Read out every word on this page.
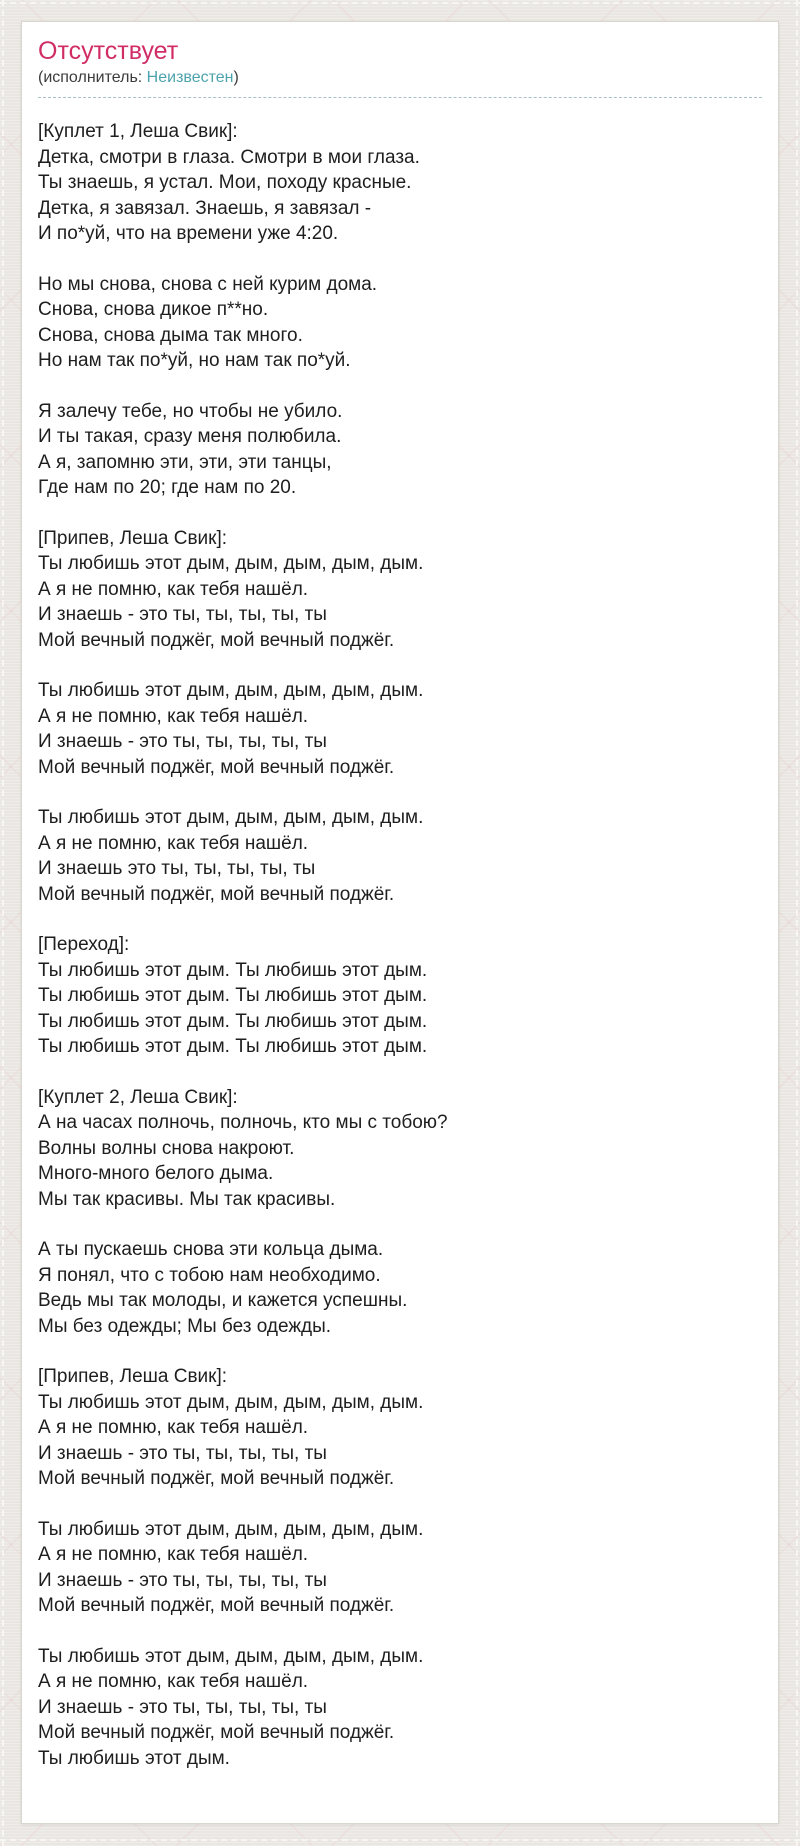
Отсутствует
(исполнитель: Неизвестен)
[Куплет 1, Леша Свик]:
Детка, смотри в глаза. Смотри в мои глаза.
Ты знаешь, я устал. Мои, походу красные.
Детка, я завязал. Знаешь, я завязал -
И по*уй, что на времени уже 4:20.
Но мы снова, снова с ней курим дома.
Снова, снова дикое п**но.
Снова, снова дыма так много.
Но нам так по*уй, но нам так по*уй.
Я залечу тебе, но чтобы не убило.
И ты такая, сразу меня полюбила.
А я, запомню эти, эти, эти танцы,
Где нам по 20; где нам по 20.
[Припев, Леша Свик]:
Ты любишь этот дым, дым, дым, дым, дым.
А я не помню, как тебя нашёл.
И знаешь - это ты, ты, ты, ты, ты
Мой вечный поджёг, мой вечный поджёг.
Ты любишь этот дым, дым, дым, дым, дым.
А я не помню, как тебя нашёл.
И знаешь - это ты, ты, ты, ты, ты
Мой вечный поджёг, мой вечный поджёг.
Ты любишь этот дым, дым, дым, дым, дым.
А я не помню, как тебя нашёл.
И знаешь это ты, ты, ты, ты, ты
Мой вечный поджёг, мой вечный поджёг.
[Переход]:
Ты любишь этот дым. Ты любишь этот дым.
Ты любишь этот дым. Ты любишь этот дым.
Ты любишь этот дым. Ты любишь этот дым.
Ты любишь этот дым. Ты любишь этот дым.
[Куплет 2, Леша Свик]:
А на часах полночь, полночь, кто мы с тобою?
Волны волны снова накроют.
Много-много белого дыма.
Мы так красивы. Мы так красивы.
А ты пускаешь снова эти кольца дыма.
Я понял, что с тобою нам необходимо.
Ведь мы так молоды, и кажется успешны.
Мы без одежды; Мы без одежды.
[Припев, Леша Свик]:
Ты любишь этот дым, дым, дым, дым, дым.
А я не помню, как тебя нашёл.
И знаешь - это ты, ты, ты, ты, ты
Мой вечный поджёг, мой вечный поджёг.
Ты любишь этот дым, дым, дым, дым, дым.
А я не помню, как тебя нашёл.
И знаешь - это ты, ты, ты, ты, ты
Мой вечный поджёг, мой вечный поджёг.
Ты любишь этот дым, дым, дым, дым, дым.
А я не помню, как тебя нашёл.
И знаешь - это ты, ты, ты, ты, ты
Мой вечный поджёг, мой вечный поджёг.
Ты любишь этот дым.
